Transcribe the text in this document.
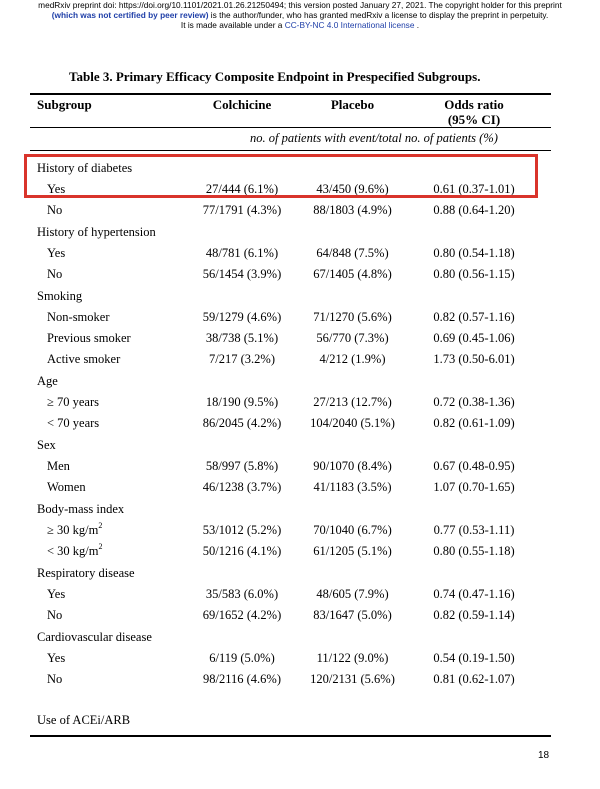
medRxiv preprint doi: https://doi.org/10.1101/2021.01.26.21250494; this version posted January 27, 2021. The copyright holder for this preprint
(which was not certified by peer review) is the author/funder, who has granted medRxiv a license to display the preprint in perpetuity.
It is made available under a CC-BY-NC 4.0 International license .
Table 3. Primary Efficacy Composite Endpoint in Prespecified Subgroups.
Subgroup	Colchicine	Placebo	Odds ratio
(95% CI)
no. of patients with event/total no. of patients (%)
History of diabetes
Yes	27/444 (6.1%)	43/450 (9.6%)	0.61 (0.37-1.01)
No	77/1791 (4.3%)	88/1803 (4.9%)	0.88 (0.64-1.20)
History of hypertension
Yes	48/781 (6.1%)	64/848 (7.5%)	0.80 (0.54-1.18)
No	56/1454 (3.9%)	67/1405 (4.8%)	0.80 (0.56-1.15)
Smoking
Non-smoker	59/1279 (4.6%)	71/1270 (5.6%)	0.82 (0.57-1.16)
Previous smoker	38/738 (5.1%)	56/770 (7.3%)	0.69 (0.45-1.06)
Active smoker	7/217 (3.2%)	4/212 (1.9%)	1.73 (0.50-6.01)
Age
≥ 70 years	18/190 (9.5%)	27/213 (12.7%)	0.72 (0.38-1.36)
< 70 years	86/2045 (4.2%)	104/2040 (5.1%)	0.82 (0.61-1.09)
Sex
Men	58/997 (5.8%)	90/1070 (8.4%)	0.67 (0.48-0.95)
Women	46/1238 (3.7%)	41/1183 (3.5%)	1.07 (0.70-1.65)
Body-mass index
≥ 30 $kg/m^2$	53/1012 (5.2%)	70/1040 (6.7%)	0.77 (0.53-1.11)
< 30 $kg/m^2$	50/1216 (4.1%)	61/1205 (5.1%)	0.80 (0.55-1.18)
Respiratory disease
Yes	35/583 (6.0%)	48/605 (7.9%)	0.74 (0.47-1.16)
No	69/1652 (4.2%)	83/1647 (5.0%)	0.82 (0.59-1.14)
Cardiovascular disease
Yes	6/119 (5.0%)	11/122 (9.0%)	0.54 (0.19-1.50)
No	98/2116 (4.6%)	120/2131 (5.6%)	0.81 (0.62-1.07)
Use of ACEi/ARB
18
